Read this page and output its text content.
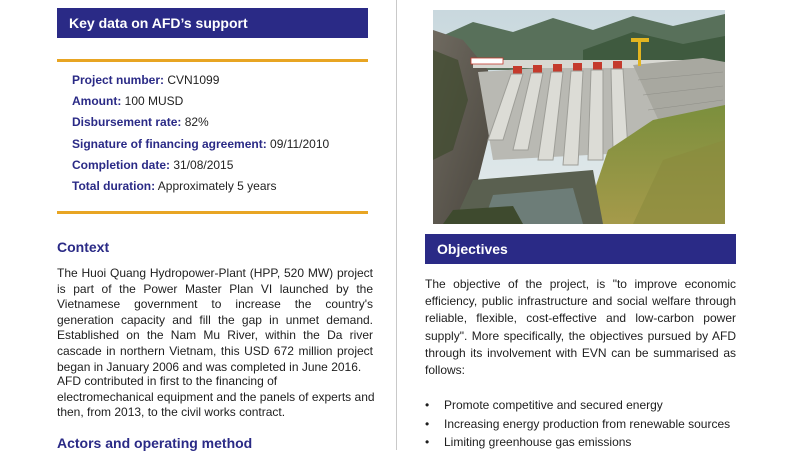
Key data on AFD’s support
Project number: CVN1099
Amount: 100 MUSD
Disbursement rate: 82%
Signature of financing agreement: 09/11/2010
Completion date: 31/08/2015
Total duration: Approximately 5 years
Context

The Huoi Quang Hydropower-Plant (HPP, 520 MW) project is part of the Power Master Plan VI launched by the Vietnamese government to increase the country's generation capacity and fill the gap in unmet demand. Established on the Nam Mu River, within the Da river cascade in northern Vietnam, this USD 672 million project began in January 2006 and was completed in June 2016.

AFD contributed in first to the financing of electromechanical equipment and the panels of experts and then, from 2013, to the civil works contract.

Actors and operating method
Objectives

The objective of the project, is "to improve economic efficiency, public infrastructure and social welfare through reliable, flexible, cost-effective and low-carbon power supply". More specifically, the objectives pursued by AFD through its involvement with EVN can be summarised as follows:

• Promote competitive and secured energy
• Increasing energy production from renewable sources
• Limiting greenhouse gas emissions
